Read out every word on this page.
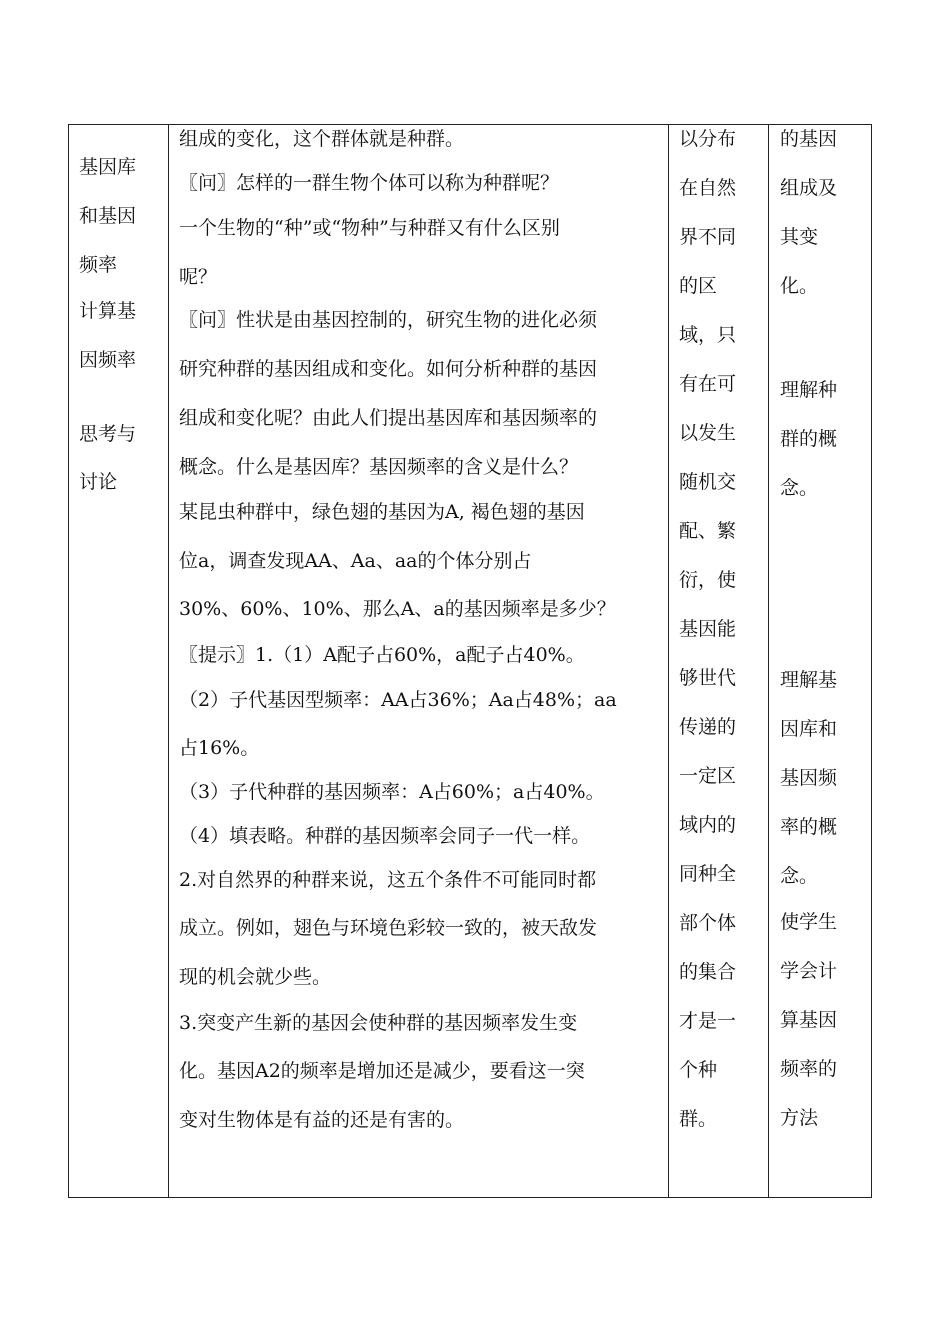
基因库
和基因
频率
计算基
因频率
思考与
讨论
组成的变化，这个群体就是种群。
〖问〗怎样的一群生物个体可以称为种群呢？
一个生物的“种”或“物种”与种群又有什么区别
呢？
〖问〗性状是由基因控制的，研究生物的进化必须
研究种群的基因组成和变化。如何分析种群的基因
组成和变化呢？由此人们提出基因库和基因频率的
概念。什么是基因库？基因频率的含义是什么？
某昆虫种群中，绿色翅的基因为A, 褐色翅的基因
位a，调查发现AA、Aa、aa的个体分别占
30%、60%、10%、那么A、a的基因频率是多少？
〖提示〗1.（1）A配子占60%，a配子占40%。
（2）子代基因型频率：AA占36%；Aa占48%；aa
占16%。
（3）子代种群的基因频率：A占60%；a占40%。
（4）填表略。种群的基因频率会同子一代一样。
2.对自然界的种群来说，这五个条件不可能同时都
成立。例如，翅色与环境色彩较一致的，被天敌发
现的机会就少些。
3.突变产生新的基因会使种群的基因频率发生变
化。基因A2的频率是增加还是减少，要看这一突
变对生物体是有益的还是有害的。
以分布
在自然
界不同
的区
域，只
有在可
以发生
随机交
配、繁
衍，使
基因能
够世代
传递的
一定区
域内的
同种全
部个体
的集合
才是一
个种
群。
的基因
组成及
其变
化。
理解种
群的概
念。
理解基
因库和
基因频
率的概
念。
使学生
学会计
算基因
频率的
方法
